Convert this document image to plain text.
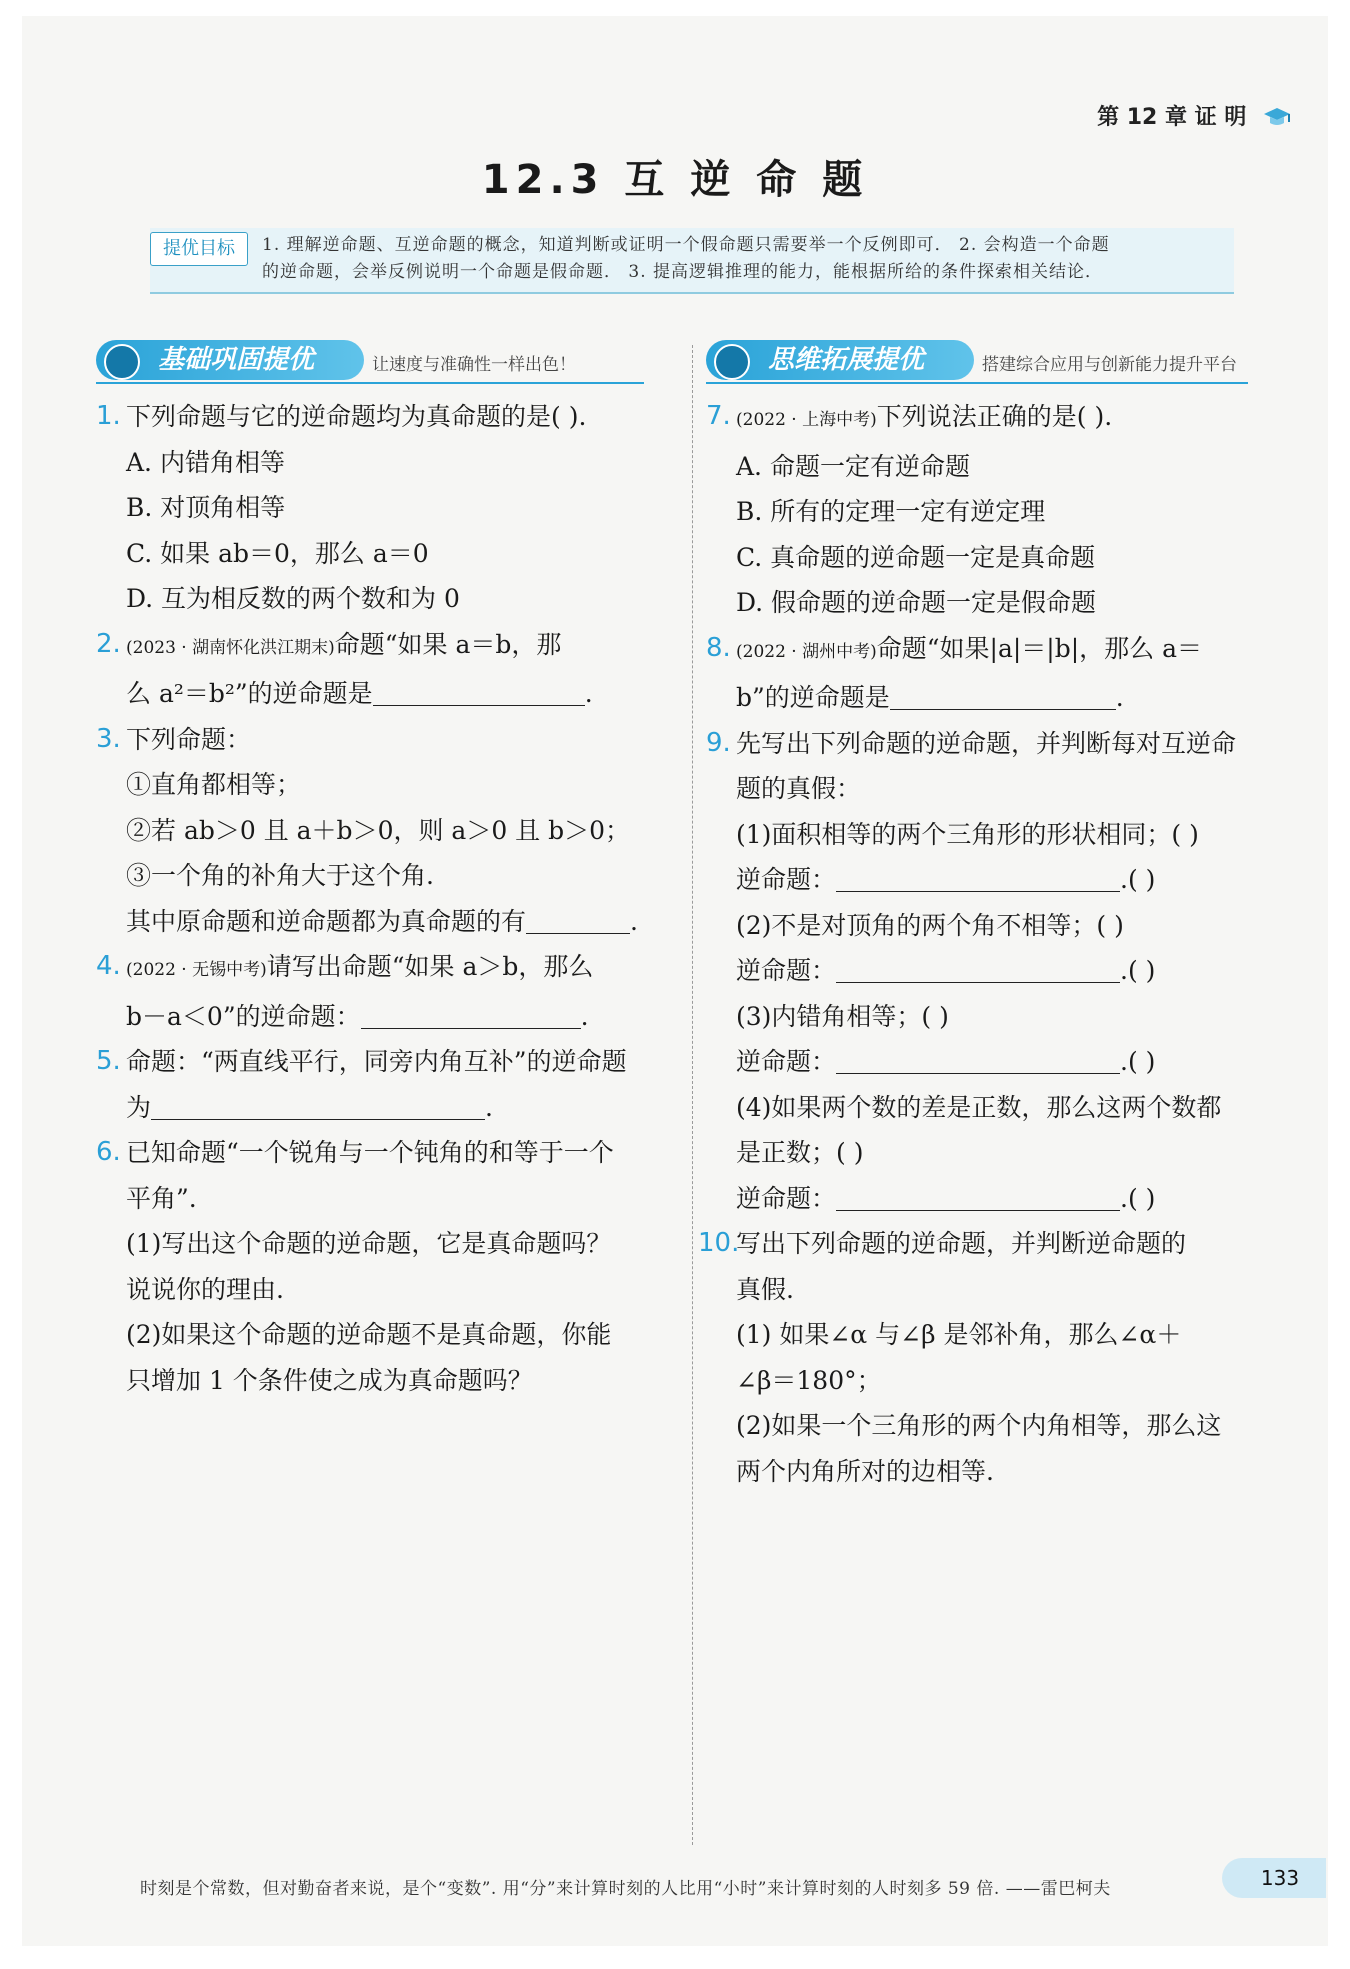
第 12 章 证 明
12.3 互 逆 命 题
提优目标	1. 理解逆命题、互逆命题的概念，知道判断或证明一个假命题只需要举一个反例即可． 2. 会构造一个命题
的逆命题，会举反例说明一个命题是假命题． 3. 提高逻辑推理的能力，能根据所给的条件探索相关结论．
基础巩固提优	让速度与准确性一样出色！	思维拓展提优	搭建综合应用与创新能力提升平台

1. 下列命题与它的逆命题均为真命题的是( ).

A. 内错角相等

B. 对顶角相等

C. 如果 ab＝0，那么 a＝0

D. 互为相反数的两个数和为 0

2. (2023 · 湖南怀化洪江期末)命题“如果 a＝b，那

么 a²＝b²”的逆命题是	.

3. 下列命题：

①直角都相等；

②若 ab＞0 且 a＋b＞0，则 a＞0 且 b＞0；

③一个角的补角大于这个角.

其中原命题和逆命题都为真命题的有	.

4. (2022 · 无锡中考)请写出命题“如果 a＞b，那么

b－a＜0”的逆命题：	.

5. 命题：“两直线平行，同旁内角互补”的逆命题

为	.

6. 已知命题“一个锐角与一个钝角的和等于一个

平角”.

(1)写出这个命题的逆命题，它是真命题吗？

说说你的理由.

(2)如果这个命题的逆命题不是真命题，你能

只增加 1 个条件使之成为真命题吗？

7. (2022 · 上海中考)下列说法正确的是( ).

A. 命题一定有逆命题

B. 所有的定理一定有逆定理

C. 真命题的逆命题一定是真命题

D. 假命题的逆命题一定是假命题

8. (2022 · 湖州中考)命题“如果|a|＝|b|，那么 a＝

b”的逆命题是	.

9. 先写出下列命题的逆命题，并判断每对互逆命

题的真假：

(1)面积相等的两个三角形的形状相同；( )

逆命题：	.( )

(2)不是对顶角的两个角不相等；( )

逆命题：	.( )

(3)内错角相等；( )

逆命题：	.( )

(4)如果两个数的差是正数，那么这两个数都

是正数；( )

逆命题：	.( )

10.
写出下列命题的逆命题，并判断逆命题的

真假.

(1) 如果∠α 与∠β 是邻补角，那么∠α＋

∠β＝180°；

(2)如果一个三角形的两个内角相等，那么这

两个内角所对的边相等.

时刻是个常数，但对勤奋者来说，是个“变数”. 用“分”来计算时刻的人比用“小时”来计算时刻的人时刻多 59 倍. ——雷巴柯夫	133
